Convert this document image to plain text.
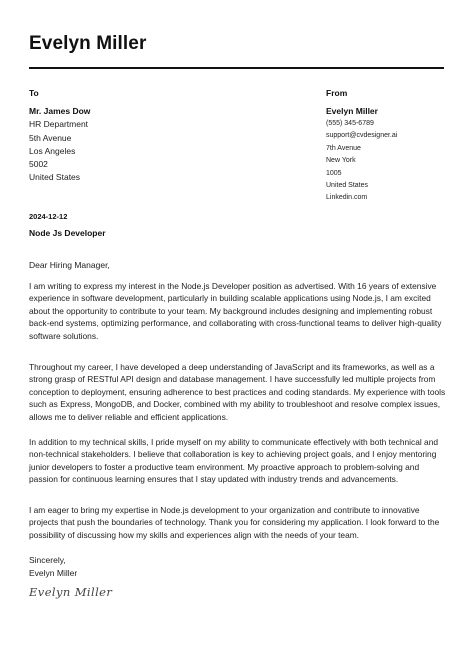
Evelyn Miller
To	From
Mr. James Dow
HR Department
5th Avenue
Los Angeles
5002
United States
Evelyn Miller
(555) 345-6789
support@cvdesigner.ai
7th Avenue
New York
1005
United States
Linkedin.com
2024-12-12
Node Js Developer
Dear Hiring Manager,

I am writing to express my interest in the Node.js Developer position as advertised. With 16 years of extensive experience in software development, particularly in building scalable applications using Node.js, I am excited about the opportunity to contribute to your team. My background includes designing and implementing robust back-end systems, optimizing performance, and collaborating with cross-functional teams to deliver high-quality software solutions.

Throughout my career, I have developed a deep understanding of JavaScript and its frameworks, as well as a strong grasp of RESTful API design and database management. I have successfully led multiple projects from conception to deployment, ensuring adherence to best practices and coding standards. My experience with tools such as Express, MongoDB, and Docker, combined with my ability to troubleshoot and resolve complex issues, allows me to deliver reliable and efficient applications.

In addition to my technical skills, I pride myself on my ability to communicate effectively with both technical and non-technical stakeholders. I believe that collaboration is key to achieving project goals, and I enjoy mentoring junior developers to foster a productive team environment. My proactive approach to problem-solving and passion for continuous learning ensures that I stay updated with industry trends and advancements.

I am eager to bring my expertise in Node.js development to your organization and contribute to innovative projects that push the boundaries of technology. Thank you for considering my application. I look forward to the possibility of discussing how my skills and experiences align with the needs of your team.

Sincerely,
Evelyn Miller
Evelyn Miller
